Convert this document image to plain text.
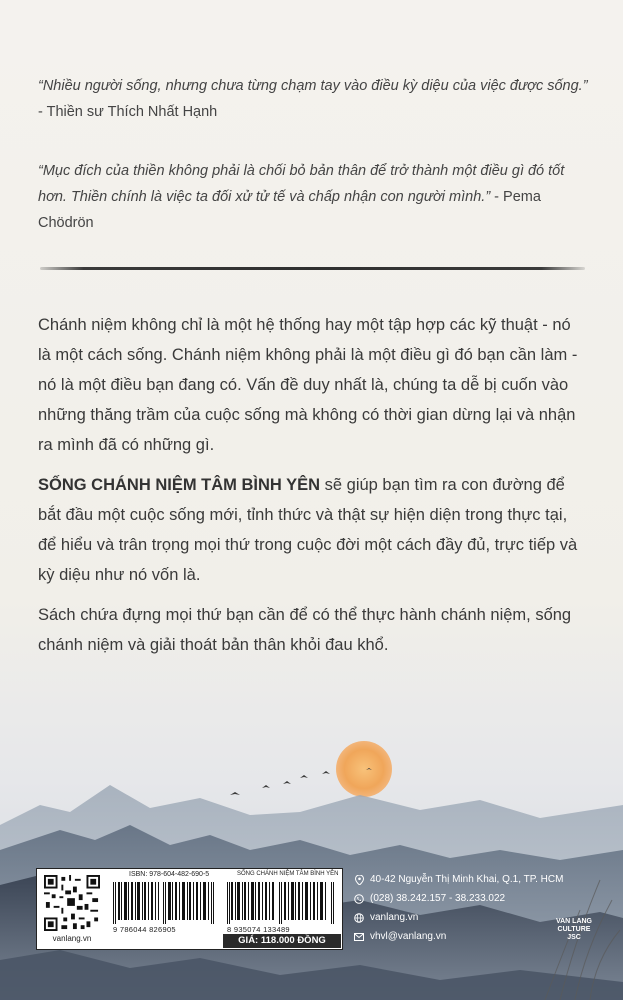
“Nhiều người sống, nhưng chưa từng chạm tay vào điều kỳ diệu của việc được sống.” - Thiền sư Thích Nhất Hạnh
“Mục đích của thiền không phải là chối bỏ bản thân để trở thành một điều gì đó tốt hơn. Thiền chính là việc ta đối xử tử tế và chấp nhận con người mình.” - Pema Chödrön

Chánh niệm không chỉ là một hệ thống hay một tập hợp các kỹ thuật - nó là một cách sống. Chánh niệm không phải là một điều gì đó bạn cần làm - nó là một điều bạn đang có. Vấn đề duy nhất là, chúng ta dễ bị cuốn vào những thăng trầm của cuộc sống mà không có thời gian dừng lại và nhận ra mình đã có những gì.

SỐNG CHÁNH NIỆM TÂM BÌNH YÊN sẽ giúp bạn tìm ra con đường để bắt đầu một cuộc sống mới, tỉnh thức và thật sự hiện diện trong thực tại, để hiểu và trân trọng mọi thứ trong cuộc đời một cách đầy đủ, trực tiếp và kỳ diệu như nó vốn là.

Sách chứa đựng mọi thứ bạn cần để có thể thực hành chánh niệm, sống chánh niệm và giải thoát bản thân khỏi đau khổ.

vanlang.vn
ISBN: 978-604-482-690-5	SỐNG CHÁNH NIỆM TÂM BÌNH YÊN
9 786044 826905	8 935074 133489
GIÁ: 118.000 ĐỒNG
40-42 Nguyễn Thị Minh Khai, Q.1, TP. HCM
(028) 38.242.157 - 38.233.022
vanlang.vn
vhvl@vanlang.vn
VAN LANG CULTURE JSC
